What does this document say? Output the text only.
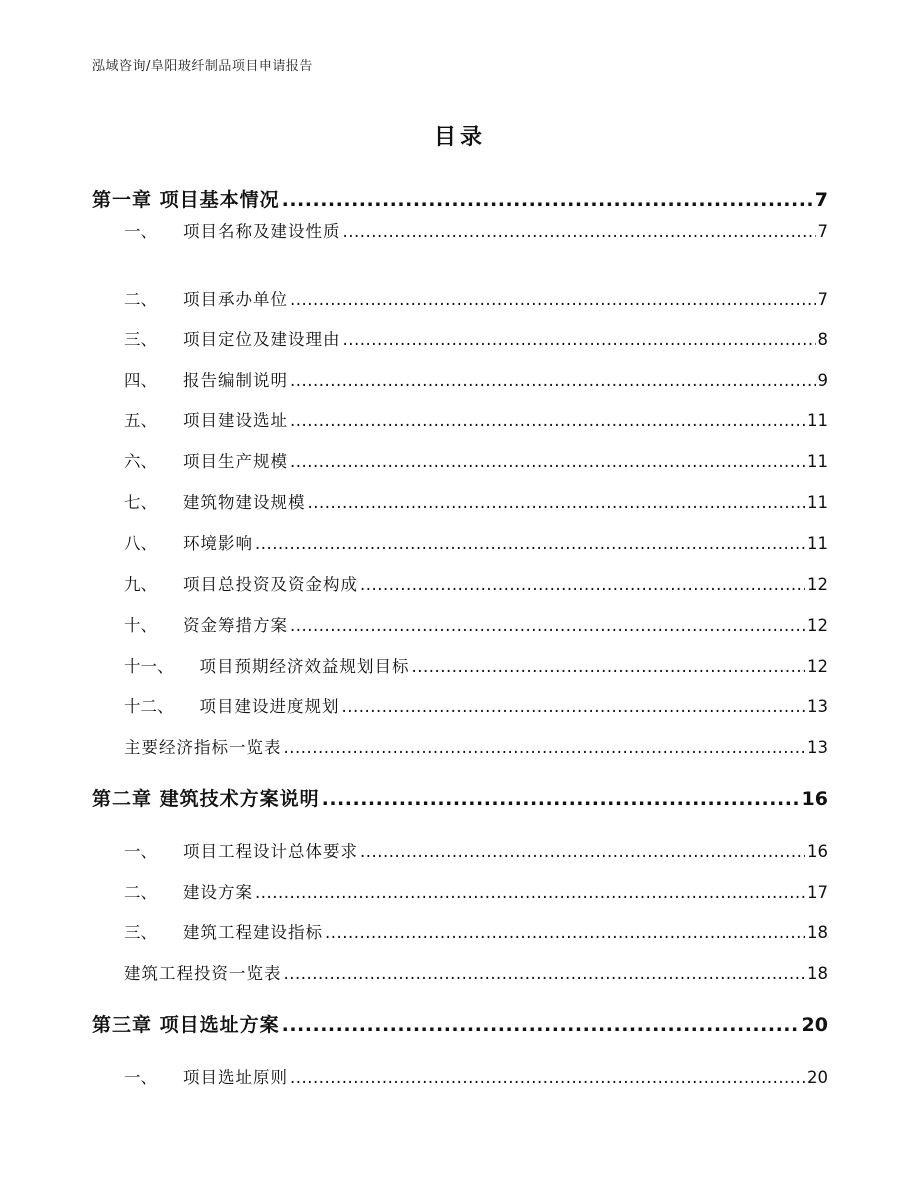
泓域咨询/阜阳玻纤制品项目申请报告
目录
第一章 项目基本情况 .....	7
一、 项目名称及建设性质 .....	7
二、 项目承办单位 .....	7
三、 项目定位及建设理由 .....	8
四、 报告编制说明 .....	9
五、 项目建设选址 .....	11
六、 项目生产规模 .....	11
七、 建筑物建设规模 .....	11
八、 环境影响 .....	11
九、 项目总投资及资金构成 .....	12
十、 资金筹措方案 .....	12
十一、 项目预期经济效益规划目标 .....	12
十二、 项目建设进度规划 .....	13
主要经济指标一览表 .....	13
第二章 建筑技术方案说明 .....	16
一、 项目工程设计总体要求 .....	16
二、 建设方案 .....	17
三、 建筑工程建设指标 .....	18
建筑工程投资一览表 .....	18
第三章 项目选址方案 .....	20
一、 项目选址原则 .....	20
